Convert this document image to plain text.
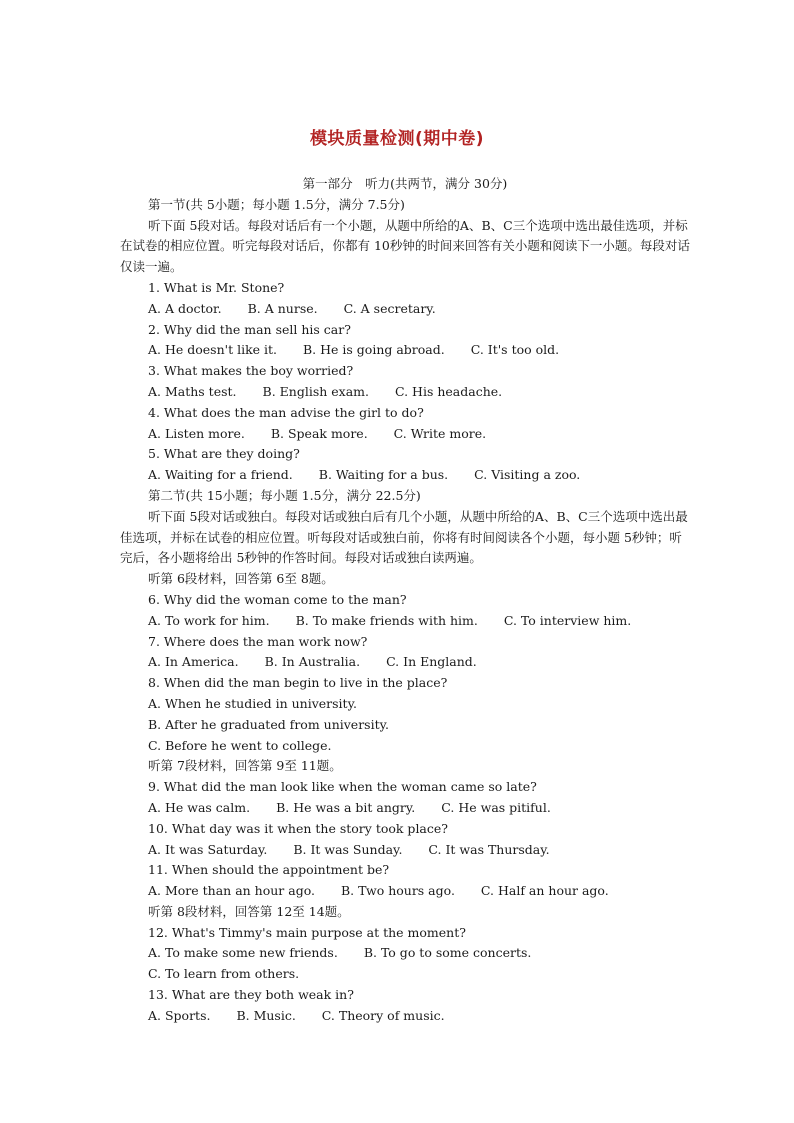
模块质量检测(期中卷)
第一部分　听力(共两节，满分 30分)
第一节(共 5小题；每小题 1.5分，满分 7.5分)
听下面 5段对话。每段对话后有一个小题，从题中所给的A、B、C三个选项中选出最佳选项，并标在试卷的相应位置。听完每段对话后，你都有 10秒钟的时间来回答有关小题和阅读下一小题。每段对话仅读一遍。
1. What is Mr. Stone?
A. A doctor. B. A nurse. C. A secretary.
2. Why did the man sell his car?
A. He doesn't like it. B. He is going abroad. C. It's too old.
3. What makes the boy worried?
A. Maths test. B. English exam. C. His headache.
4. What does the man advise the girl to do?
A. Listen more. B. Speak more. C. Write more.
5. What are they doing?
A. Waiting for a friend. B. Waiting for a bus. C. Visiting a zoo.
第二节(共 15小题；每小题 1.5分，满分 22.5分)
听下面 5段对话或独白。每段对话或独白后有几个小题，从题中所给的A、B、C三个选项中选出最佳选项，并标在试卷的相应位置。听每段对话或独白前，你将有时间阅读各个小题，每小题 5秒钟；听完后，各小题将给出 5秒钟的作答时间。每段对话或独白读两遍。
听第 6段材料，回答第 6至 8题。
6. Why did the woman come to the man?
A. To work for him. B. To make friends with him. C. To interview him.
7. Where does the man work now?
A. In America. B. In Australia. C. In England.
8. When did the man begin to live in the place?
A. When he studied in university.
B. After he graduated from university.
C. Before he went to college.
听第 7段材料，回答第 9至 11题。
9. What did the man look like when the woman came so late?
A. He was calm. B. He was a bit angry. C. He was pitiful.
10. What day was it when the story took place?
A. It was Saturday. B. It was Sunday. C. It was Thursday.
11. When should the appointment be?
A. More than an hour ago. B. Two hours ago. C. Half an hour ago.
听第 8段材料，回答第 12至 14题。
12. What's Timmy's main purpose at the moment?
A. To make some new friends. B. To go to some concerts.
C. To learn from others.
13. What are they both weak in?
A. Sports. B. Music. C. Theory of music.
